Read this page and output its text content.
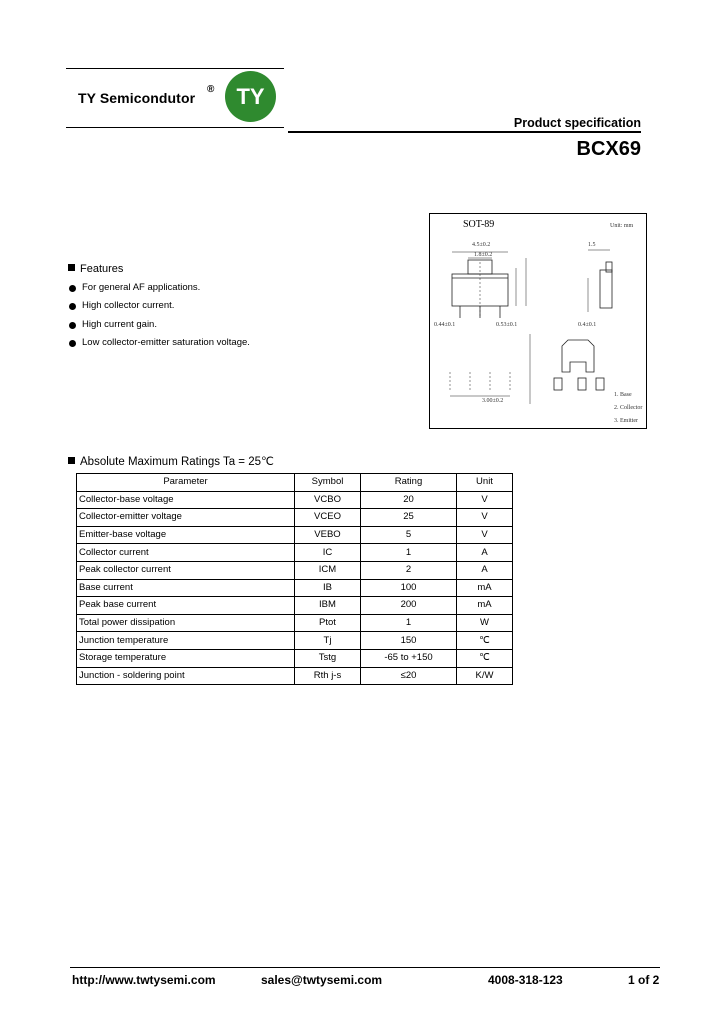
TY Semicondutor
®	TY
Product specification
BCX69
SOT-89	Unit: mm
4.5±0.2
1.8±0.2
1.5
0.44±0.1	0.53±0.1	0.4±0.1
3.00±0.2
1. Base
2. Collector
3. Emitter
Features
For general AF applications.
High collector current.
High current gain.
Low collector-emitter saturation voltage.
Absolute Maximum Ratings Ta = 25℃
Parameter	Symbol	Rating	Unit
Collector-base voltage	VCBO	20	V
Collector-emitter voltage	VCEO	25	V
Emitter-base voltage	VEBO	5	V
Collector current	IC	1	A
Peak collector current	ICM	2	A
Base current	IB	100	mA
Peak base current	IBM	200	mA
Total power dissipation	Ptot	1	W
Junction temperature	Tj	150	℃
Storage temperature	Tstg	-65 to +150	℃
Junction - soldering point	Rth j-s	≤20	K/W
http://www.twtysemi.com	sales@twtysemi.com	4008-318-123	1 of 2
